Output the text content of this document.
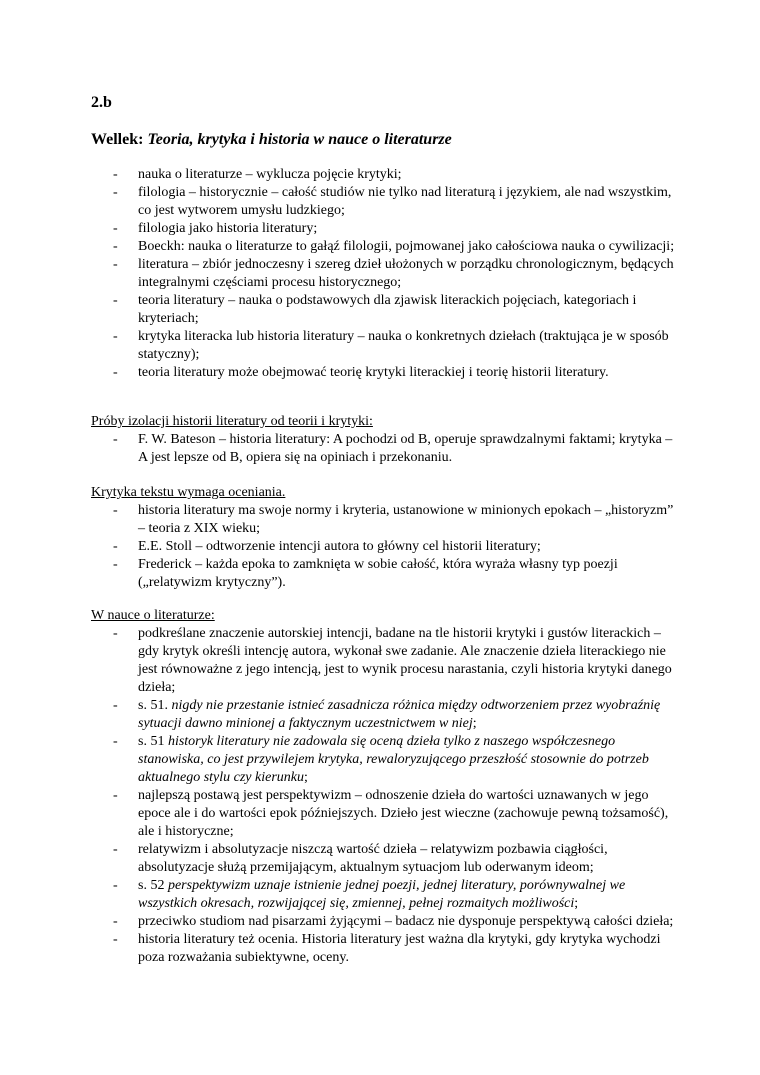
2.b
Wellek: Teoria, krytyka i historia w nauce o literaturze
- nauka o literaturze – wyklucza pojęcie krytyki;
- filologia – historycznie – całość studiów nie tylko nad literaturą i językiem, ale nad wszystkim, co jest wytworem umysłu ludzkiego;
- filologia jako historia literatury;
- Boeckh: nauka o literaturze to gałąź filologii, pojmowanej jako całościowa nauka o cywilizacji;
- literatura – zbiór jednoczesny i szereg dzieł ułożonych w porządku chronologicznym, będących integralnymi częściami procesu historycznego;
- teoria literatury – nauka o podstawowych dla zjawisk literackich pojęciach, kategoriach i kryteriach;
- krytyka literacka lub historia literatury – nauka o konkretnych dziełach (traktująca je w sposób statyczny);
- teoria literatury może obejmować teorię krytyki literackiej i teorię historii literatury.

Próby izolacji historii literatury od teorii i krytyki:

- F. W. Bateson – historia literatury: A pochodzi od B, operuje sprawdzalnymi faktami; krytyka – A jest lepsze od B, opiera się na opiniach i przekonaniu.

Krytyka tekstu wymaga oceniania.

- historia literatury ma swoje normy i kryteria, ustanowione w minionych epokach – „historyzm” – teoria z XIX wieku;
- E.E. Stoll – odtworzenie intencji autora to główny cel historii literatury;
- Frederick – każda epoka to zamknięta w sobie całość, która wyraża własny typ poezji („relatywizm krytyczny”).

W nauce o literaturze:

- podkreślane znaczenie autorskiej intencji, badane na tle historii krytyki i gustów literackich – gdy krytyk określi intencję autora, wykonał swe zadanie. Ale znaczenie dzieła literackiego nie jest równoważne z jego intencją, jest to wynik procesu narastania, czyli historia krytyki danego dzieła;
- s. 51. nigdy nie przestanie istnieć zasadnicza różnica między odtworzeniem przez wyobraźnię sytuacji dawno minionej a faktycznym uczestnictwem w niej;
- s. 51 historyk literatury nie zadowala się oceną dzieła tylko z naszego współczesnego stanowiska, co jest przywilejem krytyka, rewaloryzującego przeszłość stosownie do potrzeb aktualnego stylu czy kierunku;
- najlepszą postawą jest perspektywizm – odnoszenie dzieła do wartości uznawanych w jego epoce ale i do wartości epok późniejszych. Dzieło jest wieczne (zachowuje pewną tożsamość), ale i historyczne;
- relatywizm i absolutyzacje niszczą wartość dzieła – relatywizm pozbawia ciągłości, absolutyzacje służą przemijającym, aktualnym sytuacjom lub oderwanym ideom;
- s. 52 perspektywizm uznaje istnienie jednej poezji, jednej literatury, porównywalnej we wszystkich okresach, rozwijającej się, zmiennej, pełnej rozmaitych możliwości;
- przeciwko studiom nad pisarzami żyjącymi – badacz nie dysponuje perspektywą całości dzieła;
- historia literatury też ocenia. Historia literatury jest ważna dla krytyki, gdy krytyka wychodzi poza rozważania subiektywne, oceny.
